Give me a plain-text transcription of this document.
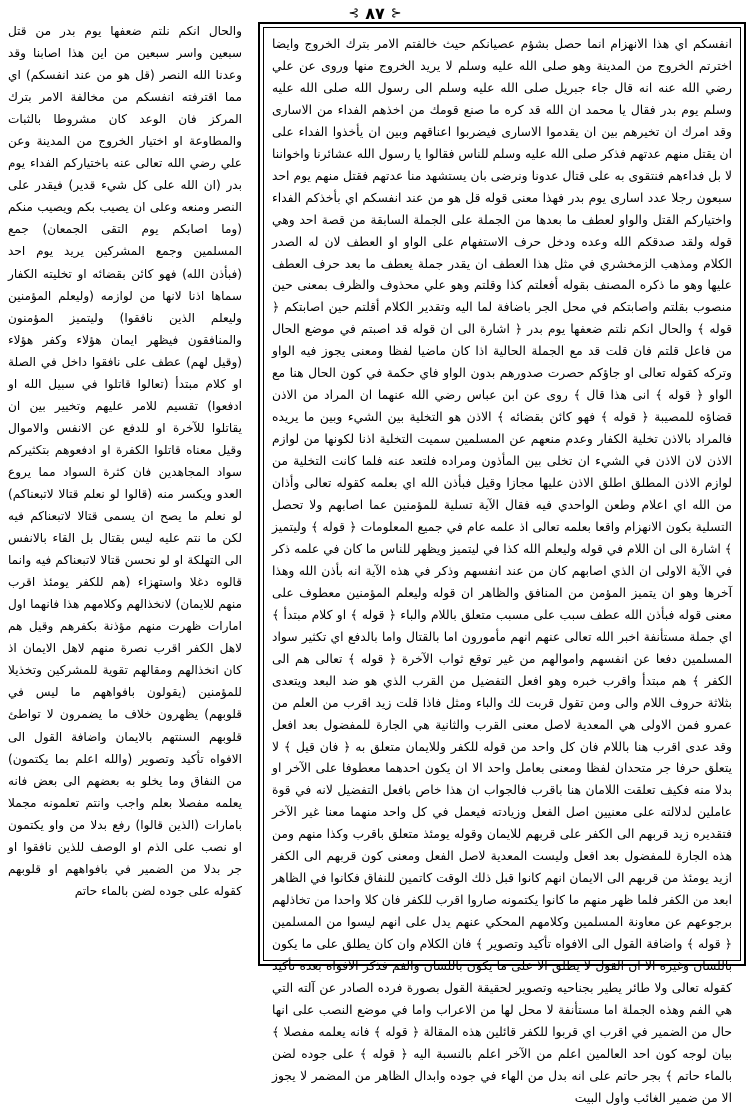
⊰ ٨٧ ⊱

والحال انكم نلتم ضعفها يوم بدر من قتل سبعين واسر سبعين من اين هذا اصابنا وقد وعدنا الله النصر (قل هو من عند انفسكم) اي مما اقترفته انفسكم من مخالفة الامر بترك المركز فان الوعد كان مشروطا بالثبات والمطاوعة او اختيار الخروج من المدينة وعن علي رضي الله تعالى عنه باختياركم الفداء يوم بدر (ان الله على كل شيء قدير) فيقدر على النصر ومنعه وعلى ان يصيب بكم ويصيب منكم (وما اصابكم يوم التقى الجمعان) جمع المسلمين وجمع المشركين يريد يوم احد (فبأذن الله) فهو كائن بقضائه او تخليته الكفار سماها اذنا لانها من لوازمه (وليعلم المؤمنين وليعلم الذين نافقوا) وليتميز المؤمنون والمنافقون فيظهر ايمان هؤلاء وكفر هؤلاء (وقيل لهم) عطف على نافقوا داخل في الصلة او كلام مبتدأ (تعالوا قاتلوا في سبيل الله او ادفعوا) تقسيم للامر عليهم وتخيير بين ان يقاتلوا للآخرة او للدفع عن الانفس والاموال وقيل معناه قاتلوا الكفرة او ادفعوهم بتكثيركم سواد المجاهدين فان كثرة السواد مما يروع العدو ويكسر منه (قالوا لو نعلم قتالا لاتبعناكم) لو نعلم ما يصح ان يسمى قتالا لاتبعناكم فيه لكن ما نتم عليه ليس بقتال بل القاء بالانفس الى التهلكة او لو نحسن قتالا لاتبعناكم فيه وانما قالوه دغلا واستهزاء (هم للكفر يومئذ اقرب منهم للايمان) لانخذالهم وكلامهم هذا فانهما اول امارات ظهرت منهم مؤذنة بكفرهم وقيل هم لاهل الكفر اقرب نصرة منهم لاهل الايمان اذ كان انخذالهم ومقالهم تقوية للمشركين وتخذيلا للمؤمنين (يقولون بافواههم ما ليس في قلوبهم) يظهرون خلاف ما يضمرون لا تواطئ قلوبهم السنتهم بالايمان واضافة القول الى الافواه تأكيد وتصوير (والله اعلم بما يكتمون) من النفاق وما يخلو به بعضهم الى بعض فانه يعلمه مفصلا بعلم واجب وانتم تعلمونه مجملا بامارات (الذين قالوا) رفع بدلا من واو يكتمون او نصب على الذم او الوصف للذين نافقوا او جر بدلا من الضمير في بافواههم او قلوبهم كقوله على جوده لضن بالماء حاتم

انفسكم اي هذا الانهزام انما حصل بشؤم عصيانكم حيث خالفتم الامر بترك الخروج وايضا اخترتم الخروج من المدينة وهو صلى الله عليه وسلم لا يريد الخروج منها وروى عن علي رضي الله عنه انه قال جاء جبريل صلى الله عليه وسلم الى رسول الله صلى الله عليه وسلم يوم بدر فقال يا محمد ان الله قد كره ما صنع قومك من اخذهم الفداء من الاسارى وقد امرك ان تخيرهم بين ان يقدموا الاسارى فيضربوا اعناقهم وبين ان يأخذوا الفداء على ان يقتل منهم عدتهم فذكر صلى الله عليه وسلم للناس فقالوا يا رسول الله عشائرنا واخواننا لا بل فداءهم فنتقوى به على قتال عدونا ونرضى بان يستشهد منا عدتهم فقتل منهم يوم احد سبعون رجلا عدد اسارى يوم بدر فهذا معنى قوله قل هو من عند انفسكم اي بأخذكم الفداء واختياركم القتل والواو لعطف ما بعدها من الجملة على الجملة السابقة من قصة احد وهي قوله ولقد صدقكم الله وعده ودخل حرف الاستفهام على الواو او العطف لان له الصدر الكلام ومذهب الزمخشري في مثل هذا العطف ان يقدر جملة يعطف ما بعد حرف العطف عليها وهو ما ذكره المصنف بقوله أفعلتم كذا وقلتم وهو علي محذوف والظرف بمعنى حين منصوب بقلتم واصابتكم في محل الجر باضافة لما اليه وتقدير الكلام أقلتم حين اصابتكم ﴿ قوله ﴾ والحال انكم نلتم ضعفها يوم بدر ﴿ اشارة الى ان قوله قد اصبتم في موضع الحال من فاعل قلتم فان قلت قد مع الجملة الحالية اذا كان ماضيا لفظا ومعنى يجوز فيه الواو وتركه كقوله تعالى او جاؤكم حصرت صدورهم بدون الواو فاي حكمة في كون الحال هنا مع الواو ﴿ قوله ﴾ انى هذا قال ﴾ روى عن ابن عباس رضي الله عنهما ان المراد من الاذن قضاؤه للمصيبة ﴿ قوله ﴾ فهو كائن بقضائه ﴾ الاذن هو التخلية بين الشيء وبين ما يريده فالمراد بالاذن تخلية الكفار وعدم منعهم عن المسلمين سميت التخلية اذنا لكونها من لوازم الاذن لان الاذن في الشيء ان تخلى بين المأذون ومراده فلتعد عنه فلما كانت التخلية من لوازم الاذن المطلق اطلق الاذن عليها مجازا وقيل فبأذن الله اي بعلمه كقوله تعالى وأذان من الله اي اعلام وطعن الواحدي فيه فقال الآية تسلية للمؤمنين عما اصابهم ولا تحصل التسلية بكون الانهزام واقعا بعلمه تعالى اذ علمه عام في جميع المعلومات ﴿ قوله ﴾ وليتميز ﴾ اشارة الى ان اللام في قوله وليعلم الله كذا في ليتميز ويظهر للناس ما كان في علمه ذكر في الآية الاولى ان الذي اصابهم كان من عند انفسهم وذكر في هذه الآية انه بأذن الله وهذا آخرها وهو ان يتميز المؤمن من المنافق والظاهر ان قوله وليعلم المؤمنين معطوف على معنى قوله فبأذن الله عطف سبب على مسبب متعلق باللام والباء ﴿ قوله ﴾ او كلام مبتدأ ﴾ اي جملة مستأنفة اخبر الله تعالى عنهم انهم مأمورون اما بالقتال واما بالدفع اي تكثير سواد المسلمين دفعا عن انفسهم واموالهم من غير توقع ثواب الآخرة ﴿ قوله ﴾ تعالى هم الى الكفر ﴾ هم مبتدأ واقرب خبره وهو افعل التفضيل من القرب الذي هو ضد البعد ويتعدى بثلاثة حروف اللام والى ومن تقول قربت لك والباء ومثل فاذا قلت زيد اقرب من العلم من عمرو فمن الاولى هي المعدية لاصل معنى القرب والثانية هي الجارة للمفضول بعد افعل وقد عدى اقرب هنا باللام فان كل واحد من قوله للكفر وللايمان متعلق به ﴿ فان قيل ﴾ لا يتعلق حرفا جر متحدان لفظا ومعنى بعامل واحد الا ان يكون احدهما معطوفا على الآخر او بدلا منه فكيف تعلقت اللامان هنا باقرب فالجواب ان هذا خاص بافعل التفضيل لانه في قوة عاملين لدلالته على معنيين اصل الفعل وزيادته فيعمل في كل واحد منهما معنا غير الآخر فتقديره زيد قربهم الى الكفر على قربهم للايمان وقوله يومئذ متعلق باقرب وكذا منهم ومن هذه الجارة للمفضول بعد افعل وليست المعدية لاصل الفعل ومعنى كون قربهم الى الكفر ازيد يومئذ من قربهم الى الايمان انهم كانوا قبل ذلك الوقت كاتمين للنفاق فكانوا في الظاهر ابعد من الكفر فلما ظهر منهم ما كانوا يكتمونه صاروا اقرب للكفر فان كلا واحدا من تخاذلهم برجوعهم عن معاونة المسلمين وكلامهم المحكي عنهم يدل على انهم ليسوا من المسلمين ﴿ قوله ﴾ واضافة القول الى الافواه تأكيد وتصوير ﴾ فان الكلام وان كان يطلق على ما يكون باللسان وغيره الا ان القول لا يطلق الا على ما يكون باللسان والفم فذكر الافواه بعده تأكيد كقوله تعالى ولا طائر يطير بجناحيه وتصوير لحقيقة القول بصورة فرده الصادر عن آلته التي هي الفم وهذه الجملة اما مستأنفة لا محل لها من الاعراب واما في موضع النصب على انها حال من الضمير في اقرب اي قربوا للكفر قائلين هذه المقالة ﴿ قوله ﴾ فانه يعلمه مفصلا ﴾ بيان لوجه كون احد العالمين اعلم من الآخر اعلم بالنسبة اليه ﴿ قوله ﴾ على جوده لضن بالماء حاتم ﴾ بجر حاتم على انه بدل من الهاء في جوده وابدال الظاهر من المضمر لا يجوز الا من ضمير الغائب واول البيت
